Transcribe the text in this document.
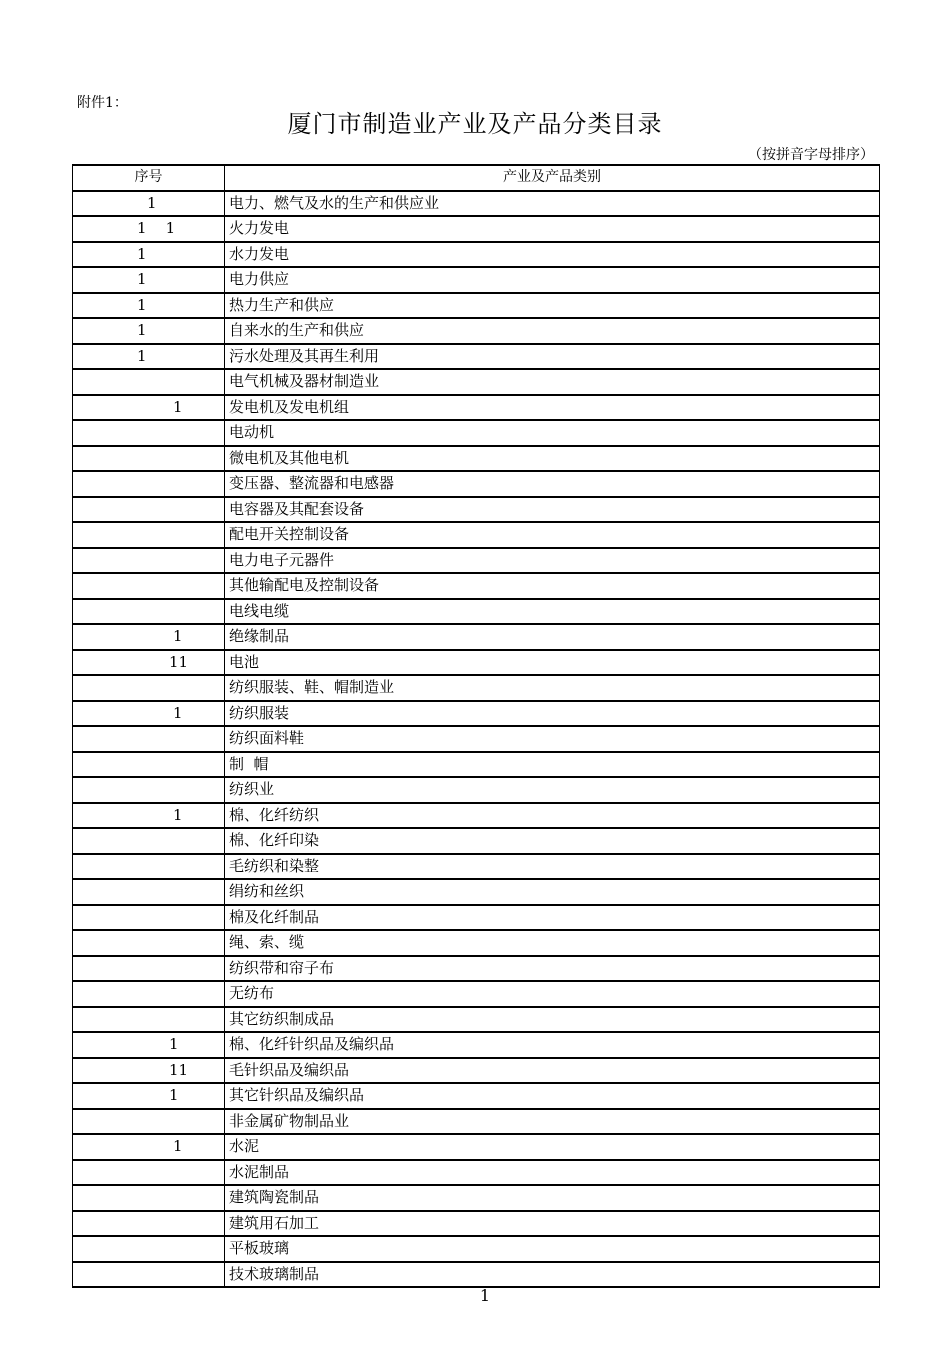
附件1：
厦门市制造业产业及产品分类目录
（按拼音字母排序）
序号	产业及产品类别
1	电力、燃气及水的生产和供应业
1    1	火力发电
1	水力发电
1	电力供应
1	热力生产和供应
1	自来水的生产和供应
1	污水处理及其再生利用
	电气机械及器材制造业
1	发电机及发电机组
	电动机
	微电机及其他电机
	变压器、整流器和电感器
	电容器及其配套设备
	配电开关控制设备
	电力电子元器件
	其他输配电及控制设备
	电线电缆
1	绝缘制品
11	电池
	纺织服装、鞋、帽制造业
1	纺织服装
	纺织面料鞋
	制  帽
	纺织业
1	棉、化纤纺织
	棉、化纤印染
	毛纺织和染整
	绢纺和丝织
	棉及化纤制品
	绳、索、缆
	纺织带和帘子布
	无纺布
	其它纺织制成品
1	棉、化纤针织品及编织品
11	毛针织品及编织品
1	其它针织品及编织品
	非金属矿物制品业
1	水泥
	水泥制品
	建筑陶瓷制品
	建筑用石加工
	平板玻璃
	技术玻璃制品
1
